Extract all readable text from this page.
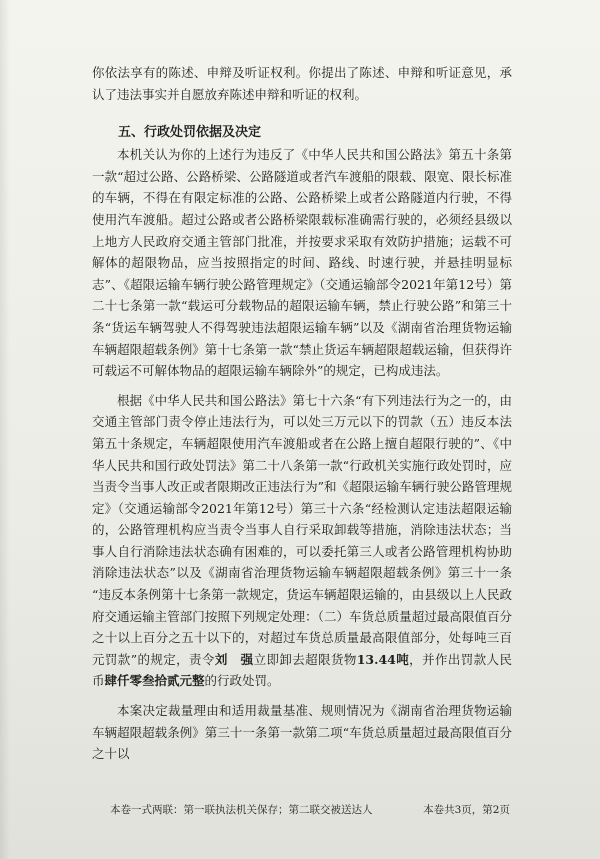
你依法享有的陈述、申辩及听证权利。你提出了陈述、申辩和听证意见，承认了违法事实并自愿放弃陈述申辩和听证的权利。

五、行政处罚依据及决定

本机关认为你的上述行为违反了《中华人民共和国公路法》第五十条第一款“超过公路、公路桥梁、公路隧道或者汽车渡船的限载、限宽、限长标准的车辆，不得在有限定标准的公路、公路桥梁上或者公路隧道内行驶，不得使用汽车渡船。超过公路或者公路桥梁限载标准确需行驶的，必须经县级以上地方人民政府交通主管部门批准，并按要求采取有效防护措施；运载不可解体的超限物品，应当按照指定的时间、路线、时速行驶，并悬挂明显标志”、《超限运输车辆行驶公路管理规定》（交通运输部令2021年第12号）第二十七条第一款“载运可分载物品的超限运输车辆，禁止行驶公路”和第三十条“货运车辆驾驶人不得驾驶违法超限运输车辆”以及《湖南省治理货物运输车辆超限超载条例》第十七条第一款“禁止货运车辆超限超载运输，但获得许可载运不可解体物品的超限运输车辆除外”的规定，已构成违法。

根据《中华人民共和国公路法》第七十六条“有下列违法行为之一的，由交通主管部门责令停止违法行为，可以处三万元以下的罚款（五）违反本法第五十条规定，车辆超限使用汽车渡船或者在公路上擅自超限行驶的”、《中华人民共和国行政处罚法》第二十八条第一款“行政机关实施行政处罚时，应当责令当事人改正或者限期改正违法行为”和《超限运输车辆行驶公路管理规定》（交通运输部令2021年第12号）第三十六条“经检测认定违法超限运输的，公路管理机构应当责令当事人自行采取卸载等措施，消除违法状态；当事人自行消除违法状态确有困难的，可以委托第三人或者公路管理机构协助消除违法状态”以及《湖南省治理货物运输车辆超限超载条例》第三十一条 “违反本条例第十七条第一款规定，货运车辆超限运输的，由县级以上人民政府交通运输主管部门按照下列规定处理：（二）车货总质量超过最高限值百分之十以上百分之五十以下的，对超过车货总质量最高限值部分，处每吨三百元罚款”的规定，责令刘　强立即卸去超限货物13.44吨，并作出罚款人民币肆仟零叁拾贰元整的行政处罚。

本案决定裁量理由和适用裁量基准、规则情况为《湖南省治理货物运输车辆超限超载条例》第三十一条第一款第二项“车货总质量超过最高限值百分之十以

本卷一式两联：第一联执法机关保存；第二联交被送达人	本卷共3页，第2页
